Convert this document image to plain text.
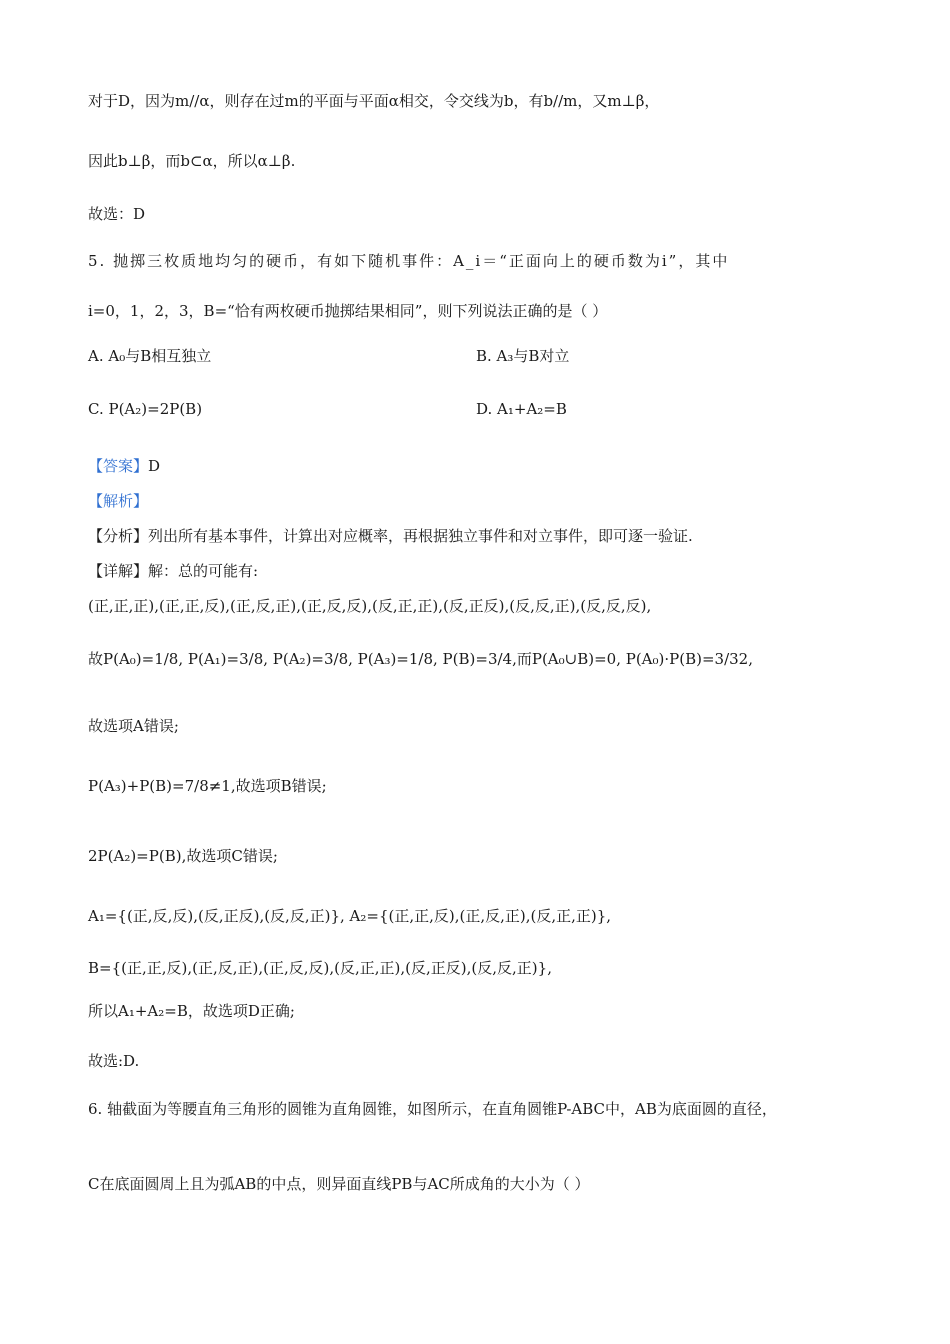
对于D，因为m//α，则存在过m的平面与平面α相交，令交线为b，有b//m，又m⊥β，
因此b⊥β，而b⊂α，所以α⊥β.
故选：D
5. 抛掷三枚质地均匀的硬币，有如下随机事件：A_i＝“正面向上的硬币数为i”，其中
i=0，1，2，3，B=“恰有两枚硬币抛掷结果相同”，则下列说法正确的是（ ）
A. A₀与B相互独立	B. A₃与B对立
C. P(A₂)=2P(B)	D. A₁+A₂=B
【答案】D
【解析】
【分析】列出所有基本事件，计算出对应概率，再根据独立事件和对立事件，即可逐一验证.
【详解】解：总的可能有:
(正,正,正),(正,正,反),(正,反,正),(正,反,反),(反,正,正),(反,正反),(反,反,正),(反,反,反),
故P(A₀)=1/8, P(A₁)=3/8, P(A₂)=3/8, P(A₃)=1/8, P(B)=3/4,而P(A₀∪B)=0, P(A₀)·P(B)=3/32,
故选项A错误;
P(A₃)+P(B)=7/8≠1,故选项B错误;
2P(A₂)=P(B),故选项C错误;
A₁={(正,反,反),(反,正反),(反,反,正)}, A₂={(正,正,反),(正,反,正),(反,正,正)},
B={(正,正,反),(正,反,正),(正,反,反),(反,正,正),(反,正反),(反,反,正)},
所以A₁+A₂=B，故选项D正确;
故选:D.
6. 轴截面为等腰直角三角形的圆锥为直角圆锥，如图所示，在直角圆锥P-ABC中，AB为底面圆的直径，
C在底面圆周上且为弧AB的中点，则异面直线PB与AC所成角的大小为（ ）
